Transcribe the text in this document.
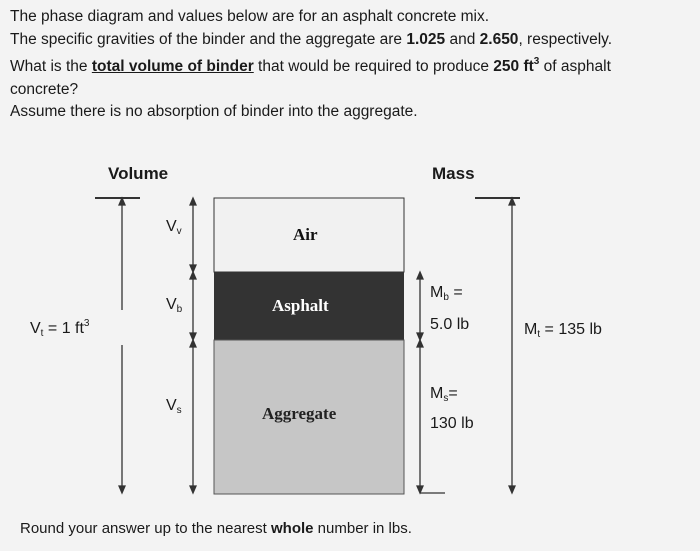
The phase diagram and values below are for an asphalt concrete mix.

The specific gravities of the binder and the aggregate are 1.025 and 2.650, respectively.

What is the total volume of binder that would be required to produce 250 $ft^3$ of asphalt

concrete?

Assume there is no absorption of binder into the aggregate.

Volume	Mass
$V_v$
$V_b$
$V_s$
$V_t = 1$ $ft^3$
Air
Asphalt
Aggregate
$M_b$ =
5.0 lb
$M_s=$
130 lb
$M_t = 135$ lb
Round your answer up to the nearest whole number in lbs.
